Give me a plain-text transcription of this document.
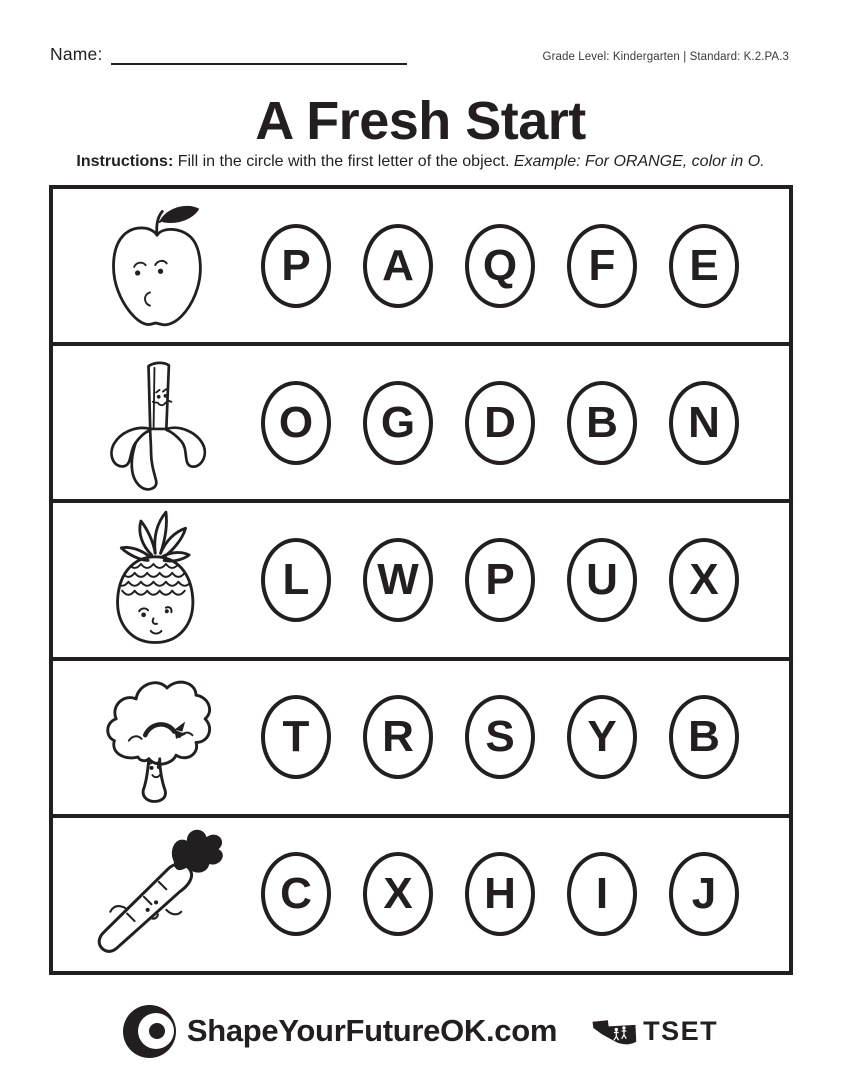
Name:	Grade Level: Kindergarten | Standard: K.2.PA.3
A Fresh Start
Instructions: Fill in the circle with the first letter of the object. Example: For ORANGE, color in O.
P	A	Q	F	E
O	G	D	B	N
L	W	P	U	X
T	R	S	Y	B
C	X	H	I	J
ShapeYourFutureOK.com	TSET
